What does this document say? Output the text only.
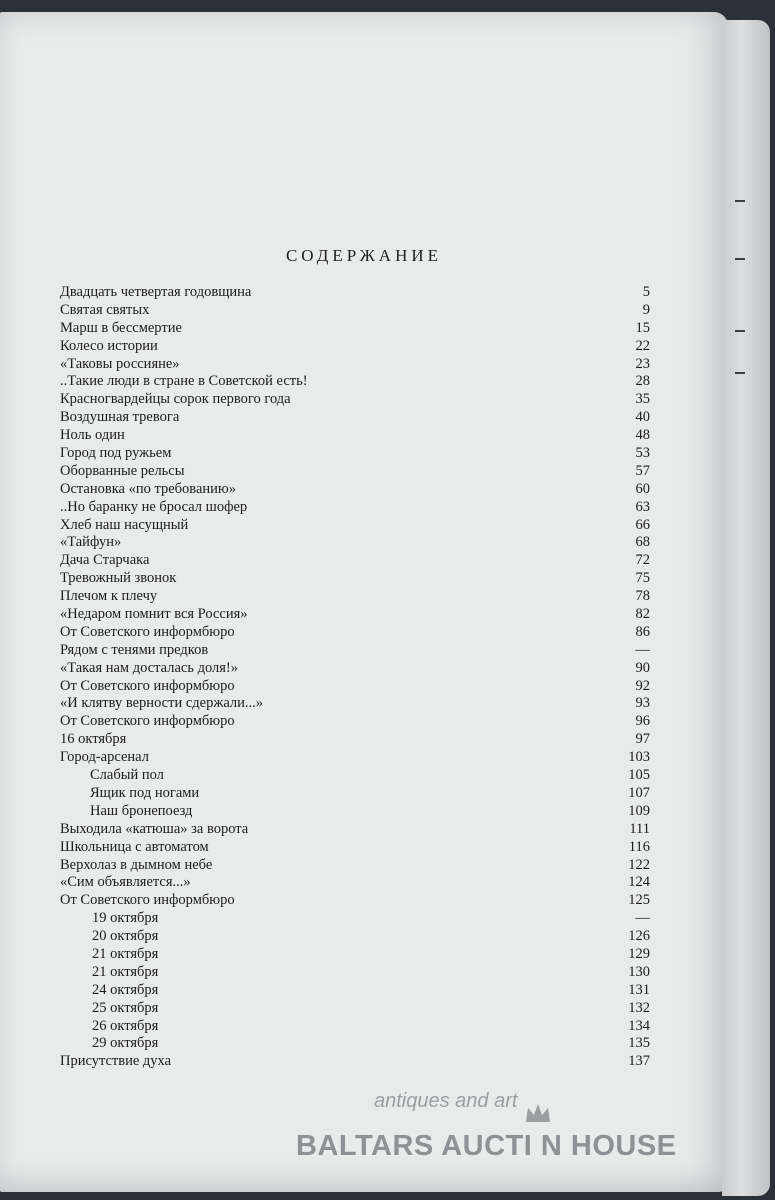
СОДЕРЖАНИЕ
Двадцать четвертая годовщина	5
Святая святых	9
Марш в бессмертие	15
Колесо истории	22
«Таковы россияне»	23
..Такие люди в стране в Советской есть!	28
Красногвардейцы сорок первого года	35
Воздушная тревога	40
Ноль один	48
Город под ружьем	53
Оборванные рельсы	57
Остановка «по требованию»	60
..Но баранку не бросал шофер	63
Хлеб наш насущный	66
«Тайфун»	68
Дача Старчака	72
Тревожный звонок	75
Плечом к плечу	78
«Недаром помнит вся Россия»	82
От Советского информбюро	86
Рядом с тенями предков	—
«Такая нам досталась доля!»	90
От Советского информбюро	92
«И клятву верности сдержали...»	93
От Советского информбюро	96
16 октября	97
Город-арсенал	103
Слабый пол	105
Ящик под ногами	107
Наш бронепоезд	109
Выходила «катюша» за ворота	111
Школьница с автоматом	116
Верхолаз в дымном небе	122
«Сим объявляется...»	124
От Советского информбюро	125
19 октября	—
20 октября	126
21 октября	129
21 октября	130
24 октября	131
25 октября	132
26 октября	134
29 октября	135
Присутствие духа	137
antiques and art
BALTARS AUCTI N HOUSE
